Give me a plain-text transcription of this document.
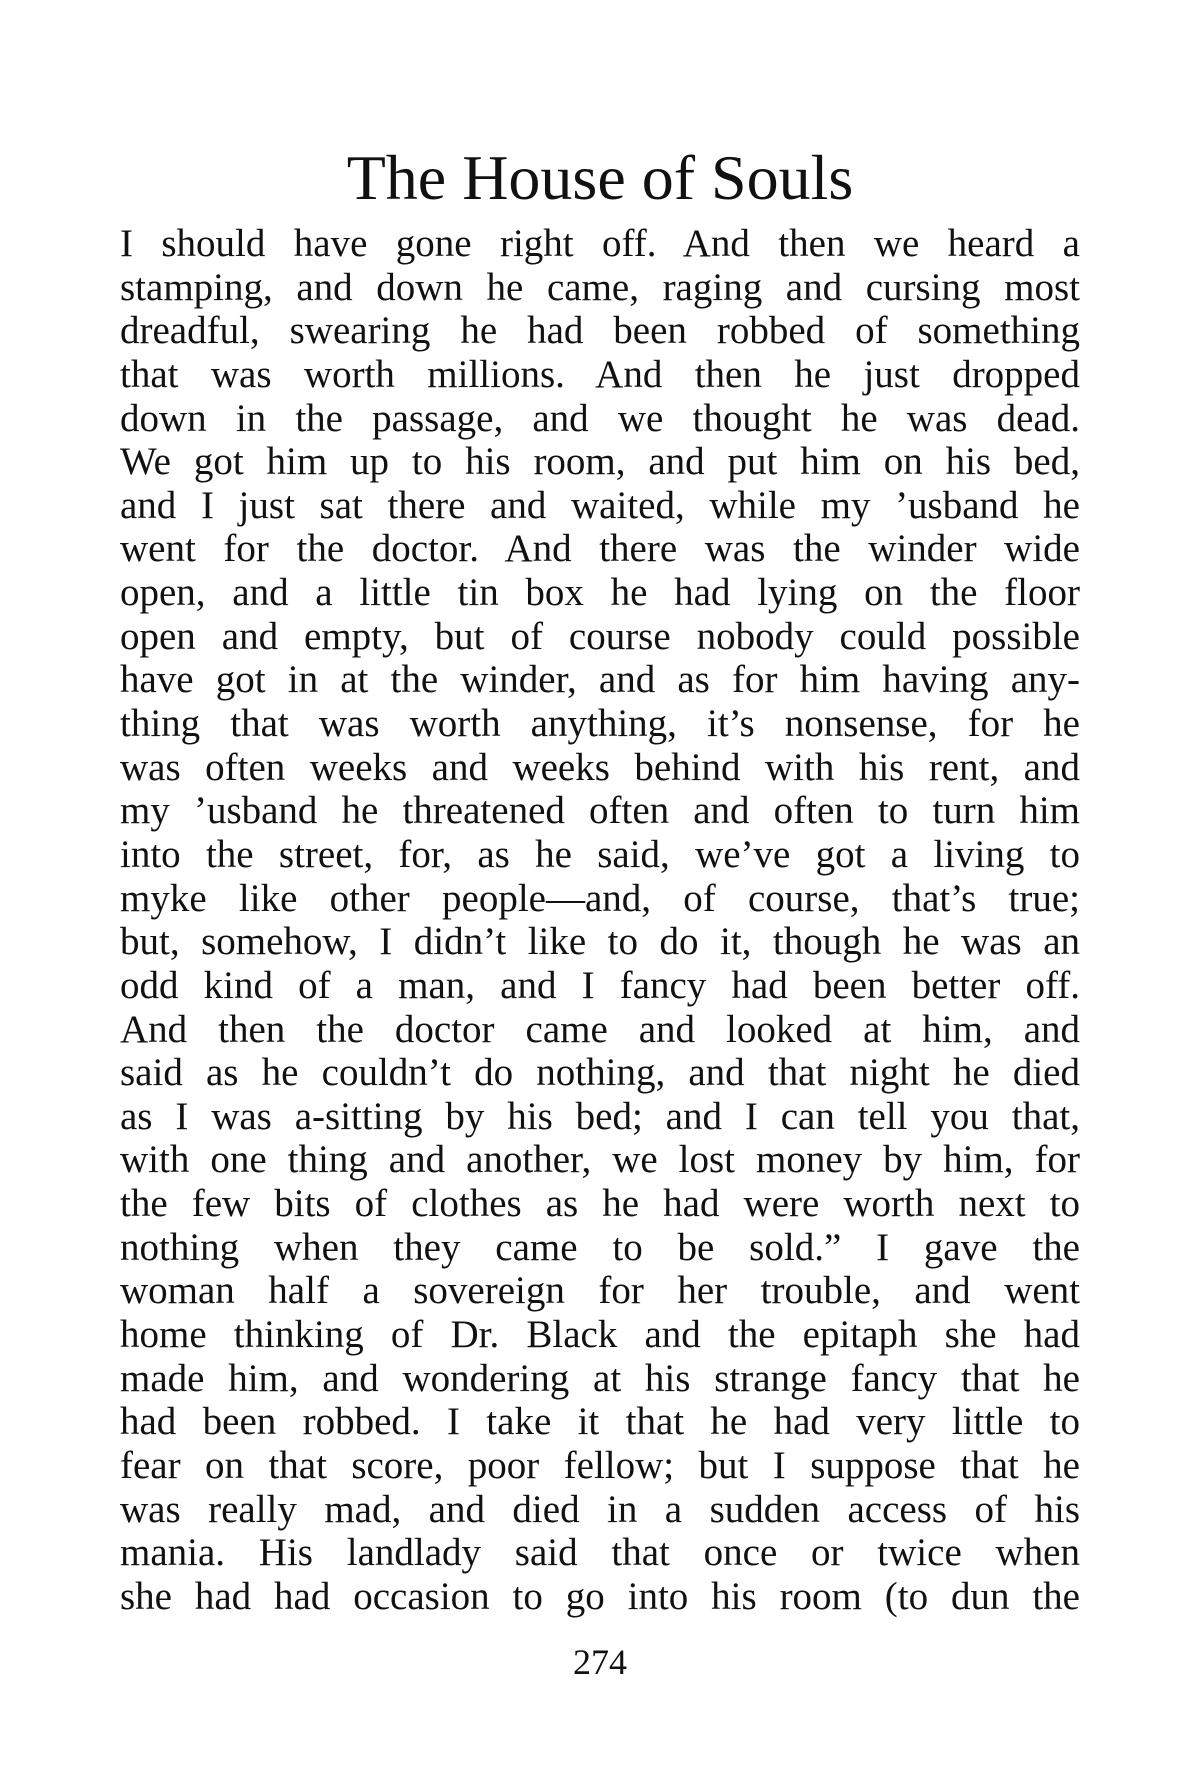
The House of Souls
I should have gone right off. And then we heard a
stamping, and down he came, raging and cursing most
dreadful, swearing he had been robbed of something
that was worth millions. And then he just dropped
down in the passage, and we thought he was dead.
We got him up to his room, and put him on his bed,
and I just sat there and waited, while my ’usband he
went for the doctor. And there was the winder wide
open, and a little tin box he had lying on the floor
open and empty, but of course nobody could possible
have got in at the winder, and as for him having any-
thing that was worth anything, it’s nonsense, for he
was often weeks and weeks behind with his rent, and
my ’usband he threatened often and often to turn him
into the street, for, as he said, we’ve got a living to
myke like other people—and, of course, that’s true;
but, somehow, I didn’t like to do it, though he was an
odd kind of a man, and I fancy had been better off.
And then the doctor came and looked at him, and
said as he couldn’t do nothing, and that night he died
as I was a-sitting by his bed; and I can tell you that,
with one thing and another, we lost money by him, for
the few bits of clothes as he had were worth next to
nothing when they came to be sold.” I gave the
woman half a sovereign for her trouble, and went
home thinking of Dr. Black and the epitaph she had
made him, and wondering at his strange fancy that he
had been robbed. I take it that he had very little to
fear on that score, poor fellow; but I suppose that he
was really mad, and died in a sudden access of his
mania. His landlady said that once or twice when
she had had occasion to go into his room (to dun the
274
